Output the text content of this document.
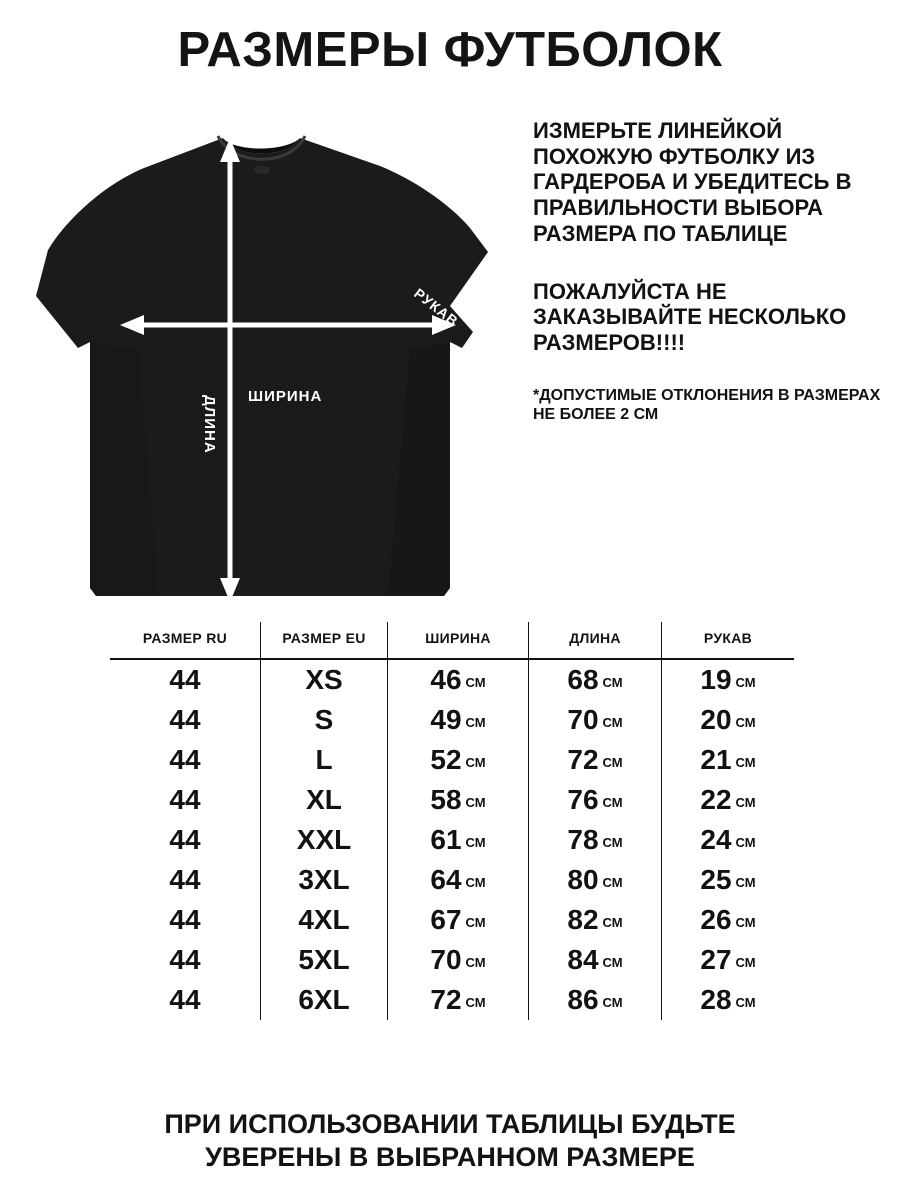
РАЗМЕРЫ ФУТБОЛОК
ШИРИНА
ДЛИНА
РУКАВ
ИЗМЕРЬТЕ ЛИНЕЙКОЙ ПОХОЖУЮ ФУТБОЛКУ ИЗ ГАРДЕРОБА И УБЕДИТЕСЬ В ПРАВИЛЬНОСТИ ВЫБОРА РАЗМЕРА ПО ТАБЛИЦЕ
ПОЖАЛУЙСТА НЕ ЗАКАЗЫВАЙТЕ НЕСКОЛЬКО РАЗМЕРОВ!!!!
*ДОПУСТИМЫЕ ОТКЛОНЕНИЯ В РАЗМЕРАХ НЕ БОЛЕЕ 2 СМ
РАЗМЕР RU	РАЗМЕР EU	ШИРИНА	ДЛИНА	РУКАВ
44	XS	46 СМ	68 СМ	19 СМ
44	S	49 СМ	70 СМ	20 СМ
44	L	52 СМ	72 СМ	21 СМ
44	XL	58 СМ	76 СМ	22 СМ
44	XXL	61 СМ	78 СМ	24 СМ
44	3XL	64 СМ	80 СМ	25 СМ
44	4XL	67 СМ	82 СМ	26 СМ
44	5XL	70 СМ	84 СМ	27 СМ
44	6XL	72 СМ	86 СМ	28 СМ
ПРИ ИСПОЛЬЗОВАНИИ ТАБЛИЦЫ БУДЬТЕ
УВЕРЕНЫ В ВЫБРАННОМ РАЗМЕРЕ
